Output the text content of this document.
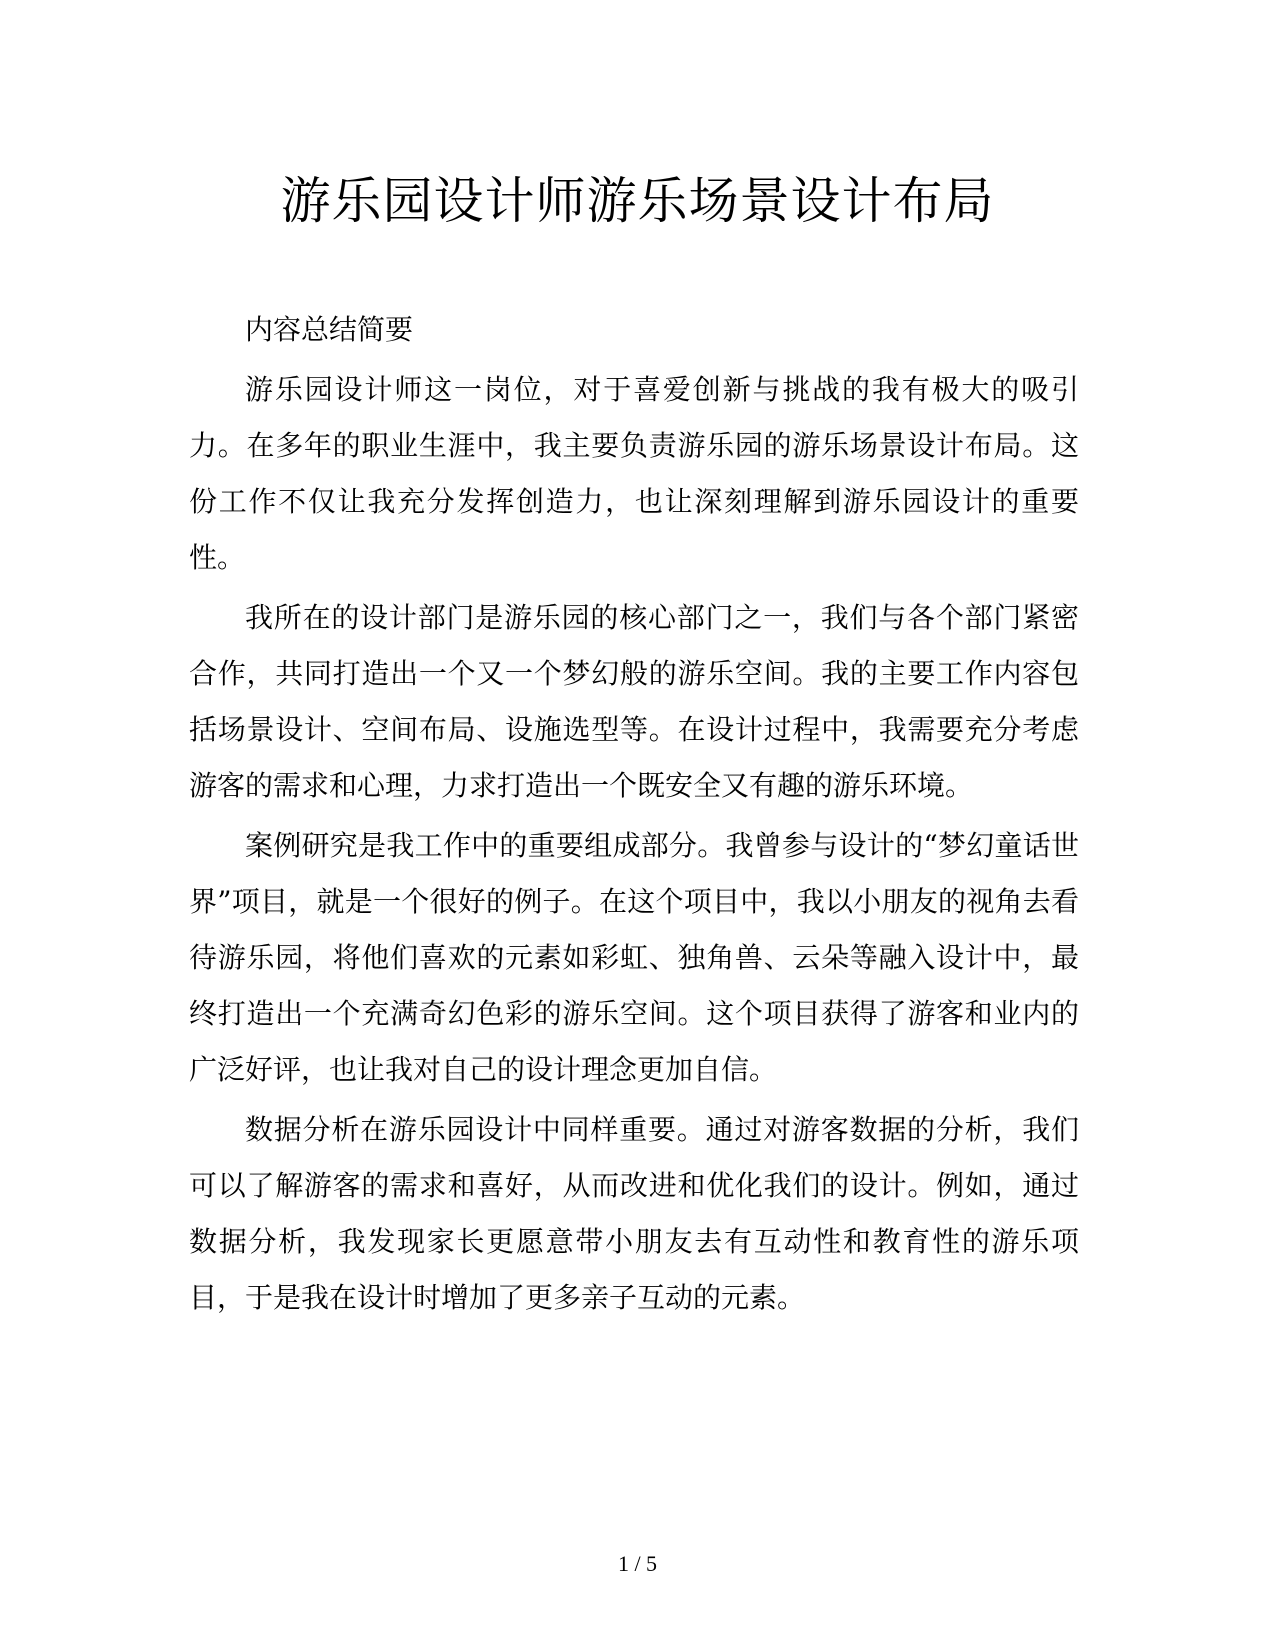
游乐园设计师游乐场景设计布局

内容总结简要

游乐园设计师这一岗位，对于喜爱创新与挑战的我有极大的吸引力。在多年的职业生涯中，我主要负责游乐园的游乐场景设计布局。这份工作不仅让我充分发挥创造力，也让深刻理解到游乐园设计的重要性。

我所在的设计部门是游乐园的核心部门之一，我们与各个部门紧密合作，共同打造出一个又一个梦幻般的游乐空间。我的主要工作内容包括场景设计、空间布局、设施选型等。在设计过程中，我需要充分考虑游客的需求和心理，力求打造出一个既安全又有趣的游乐环境。

案例研究是我工作中的重要组成部分。我曾参与设计的“梦幻童话世界”项目，就是一个很好的例子。在这个项目中，我以小朋友的视角去看待游乐园，将他们喜欢的元素如彩虹、独角兽、云朵等融入设计中，最终打造出一个充满奇幻色彩的游乐空间。这个项目获得了游客和业内的广泛好评，也让我对自己的设计理念更加自信。

数据分析在游乐园设计中同样重要。通过对游客数据的分析，我们可以了解游客的需求和喜好，从而改进和优化我们的设计。例如，通过数据分析，我发现家长更愿意带小朋友去有互动性和教育性的游乐项目，于是我在设计时增加了更多亲子互动的元素。

1 / 5
